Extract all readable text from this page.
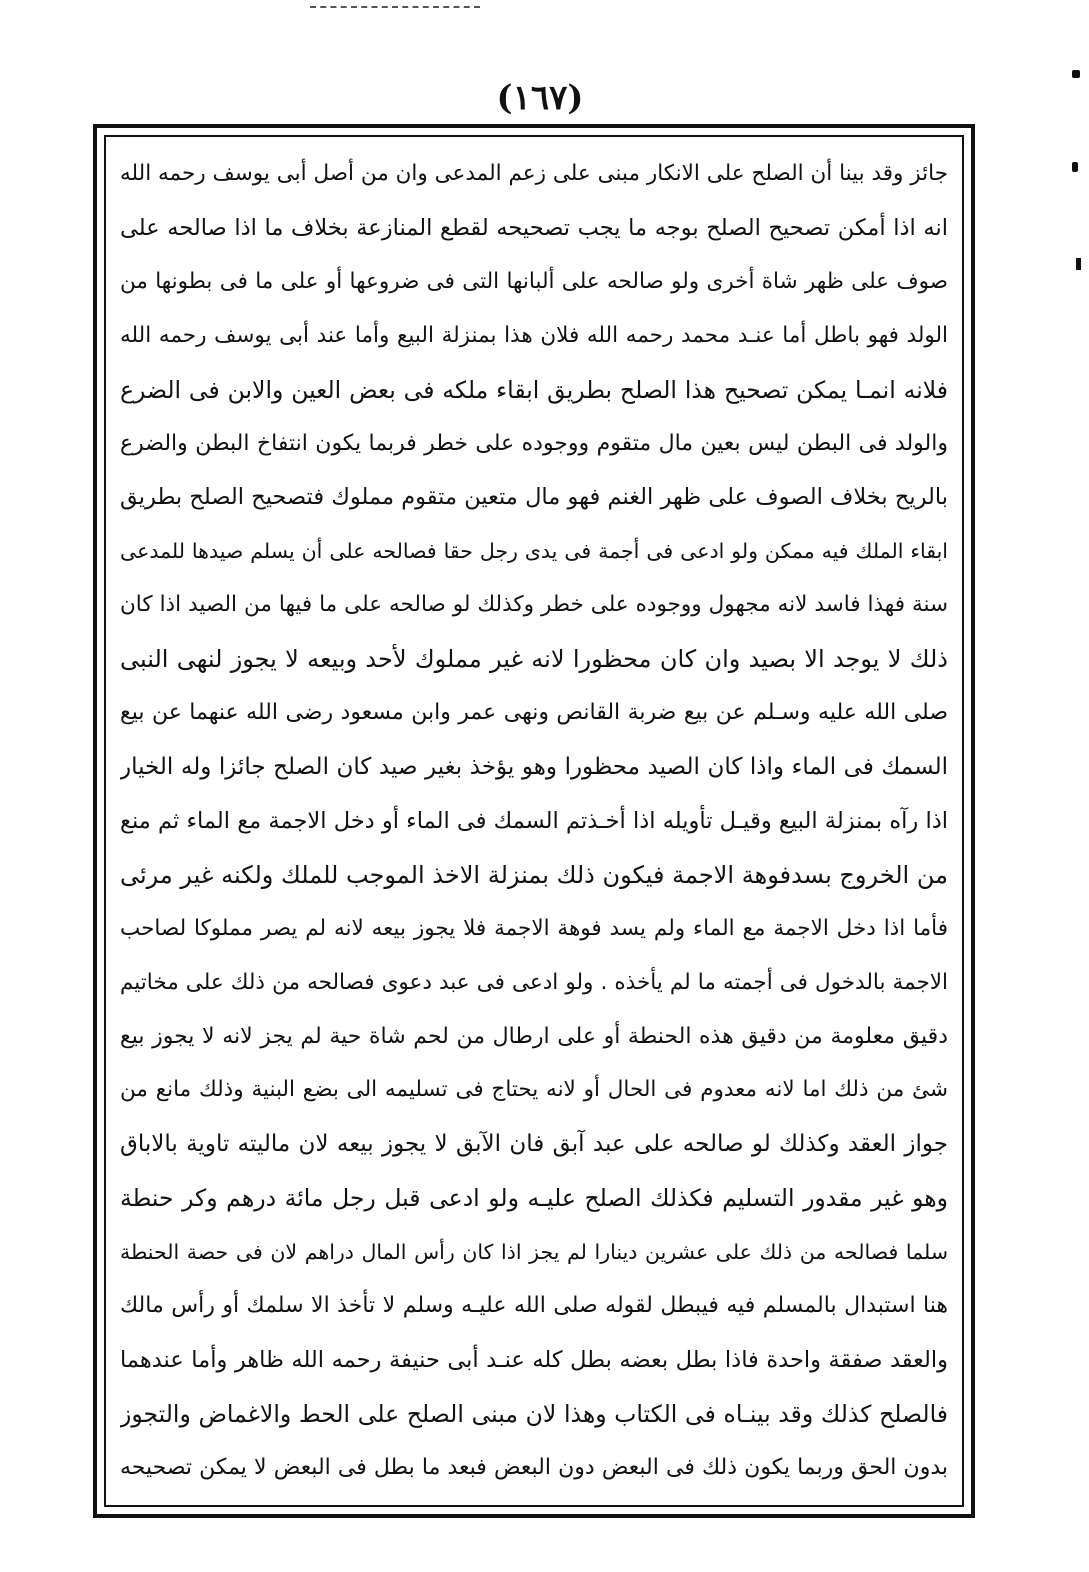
(١٦٧)
جائز وقد بينا أن الصلح على الانكار مبنى على زعم المدعى وان من أصل أبى يوسف رحمه الله
انه اذا أمكن تصحيح الصلح بوجه ما يجب تصحيحه لقطع المنازعة بخلاف ما اذا صالحه على
صوف على ظهر شاة أخرى ولو صالحه على ألبانها التى فى ضروعها أو على ما فى بطونها من
الولد فهو باطل أما عنـد محمد رحمه الله فلان هذا بمنزلة البيع وأما عند أبى يوسف رحمه الله
فلانه انمـا يمكن تصحيح هذا الصلح بطريق ابقاء ملكه فى بعض العين والابن فى الضرع
والولد فى البطن ليس بعين مال متقوم ووجوده على خطر فربما يكون انتفاخ البطن والضرع
بالريح بخلاف الصوف على ظهر الغنم فهو مال متعين متقوم مملوك فتصحيح الصلح بطريق
ابقاء الملك فيه ممكن ولو ادعى فى أجمة فى يدى رجل حقا فصالحه على أن يسلم صيدها للمدعى
سنة فهذا فاسد لانه مجهول ووجوده على خطر وكذلك لو صالحه على ما فيها من الصيد اذا كان
ذلك لا يوجد الا بصيد وان كان محظورا لانه غير مملوك لأحد وبيعه لا يجوز لنهى النبى
صلى الله عليه وسـلم عن بيع ضربة القانص ونهى عمر وابن مسعود رضى الله عنهما عن بيع
السمك فى الماء واذا كان الصيد محظورا وهو يؤخذ بغير صيد كان الصلح جائزا وله الخيار
اذا رآه بمنزلة البيع وقيـل تأويله اذا أخـذتم السمك فى الماء أو دخل الاجمة مع الماء ثم منع
من الخروج بسدفوهة الاجمة فيكون ذلك بمنزلة الاخذ الموجب للملك ولكنه غير مرئى
فأما اذا دخل الاجمة مع الماء ولم يسد فوهة الاجمة فلا يجوز بيعه لانه لم يصر مملوكا لصاحب
الاجمة بالدخول فى أجمته ما لم يأخذه . ولو ادعى فى عبد دعوى فصالحه من ذلك على مخاتيم
دقيق معلومة من دقيق هذه الحنطة أو على ارطال من لحم شاة حية لم يجز لانه لا يجوز بيع
شئ من ذلك اما لانه معدوم فى الحال أو لانه يحتاج فى تسليمه الى بضع البنية وذلك مانع من
جواز العقد وكذلك لو صالحه على عبد آبق فان الآبق لا يجوز بيعه لان ماليته تاوية بالاباق
وهو غير مقدور التسليم فكذلك الصلح عليـه ولو ادعى قبل رجل مائة درهم وكر حنطة
سلما فصالحه من ذلك على عشرين دينارا لم يجز اذا كان رأس المال دراهم لان فى حصة الحنطة
هنا استبدال بالمسلم فيه فيبطل لقوله صلى الله عليـه وسلم لا تأخذ الا سلمك أو رأس مالك
والعقد صفقة واحدة فاذا بطل بعضه بطل كله عنـد أبى حنيفة رحمه الله ظاهر وأما عندهما
فالصلح كذلك وقد بينـاه فى الكتاب وهذا لان مبنى الصلح على الحط والاغماض والتجوز
بدون الحق وربما يكون ذلك فى البعض دون البعض فبعد ما بطل فى البعض لا يمكن تصحيحه
